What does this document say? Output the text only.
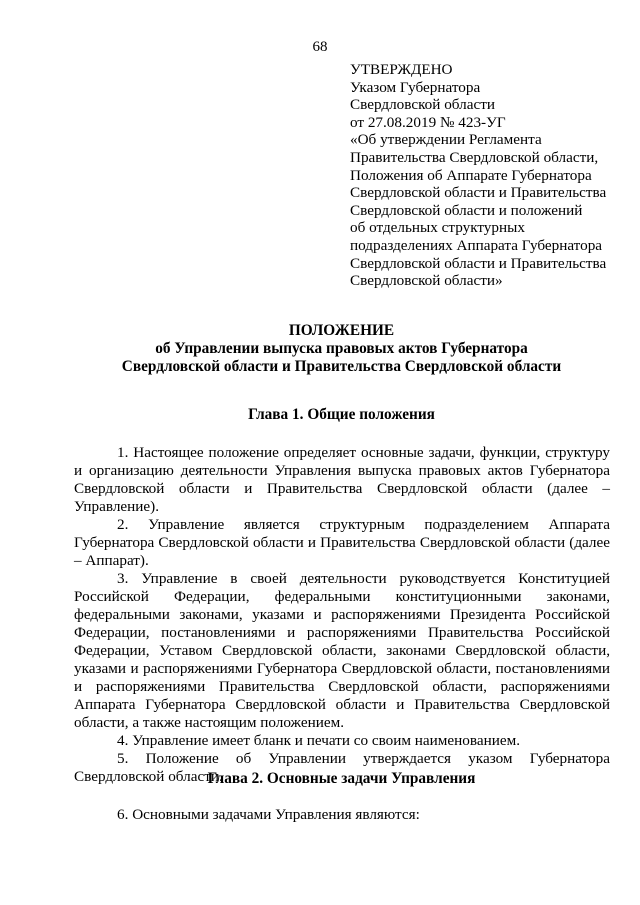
68
УТВЕРЖДЕНО
Указом Губернатора
Свердловской области
от 27.08.2019 № 423-УГ
«Об утверждении Регламента
Правительства Свердловской области,
Положения об Аппарате Губернатора
Свердловской области и Правительства
Свердловской области и положений
об отдельных структурных
подразделениях Аппарата Губернатора
Свердловской области и Правительства
Свердловской области»
ПОЛОЖЕНИЕ
об Управлении выпуска правовых актов Губернатора
Свердловской области и Правительства Свердловской области
Глава 1. Общие положения

1. Настоящее положение определяет основные задачи, функции, структуру и организацию деятельности Управления выпуска правовых актов Губернатора Свердловской области и Правительства Свердловской области (далее – Управление).

2. Управление является структурным подразделением Аппарата Губернатора Свердловской области и Правительства Свердловской области (далее – Аппарат).

3. Управление в своей деятельности руководствуется Конституцией Российской Федерации, федеральными конституционными законами, федеральными законами, указами и распоряжениями Президента Российской Федерации, постановлениями и распоряжениями Правительства Российской Федерации, Уставом Свердловской области, законами Свердловской области, указами и распоряжениями Губернатора Свердловской области, постановлениями и распоряжениями Правительства Свердловской области, распоряжениями Аппарата Губернатора Свердловской области и Правительства Свердловской области, а также настоящим положением.

4. Управление имеет бланк и печати со своим наименованием.

5. Положение об Управлении утверждается указом Губернатора Свердловской области.

Глава 2. Основные задачи Управления

6. Основными задачами Управления являются:
